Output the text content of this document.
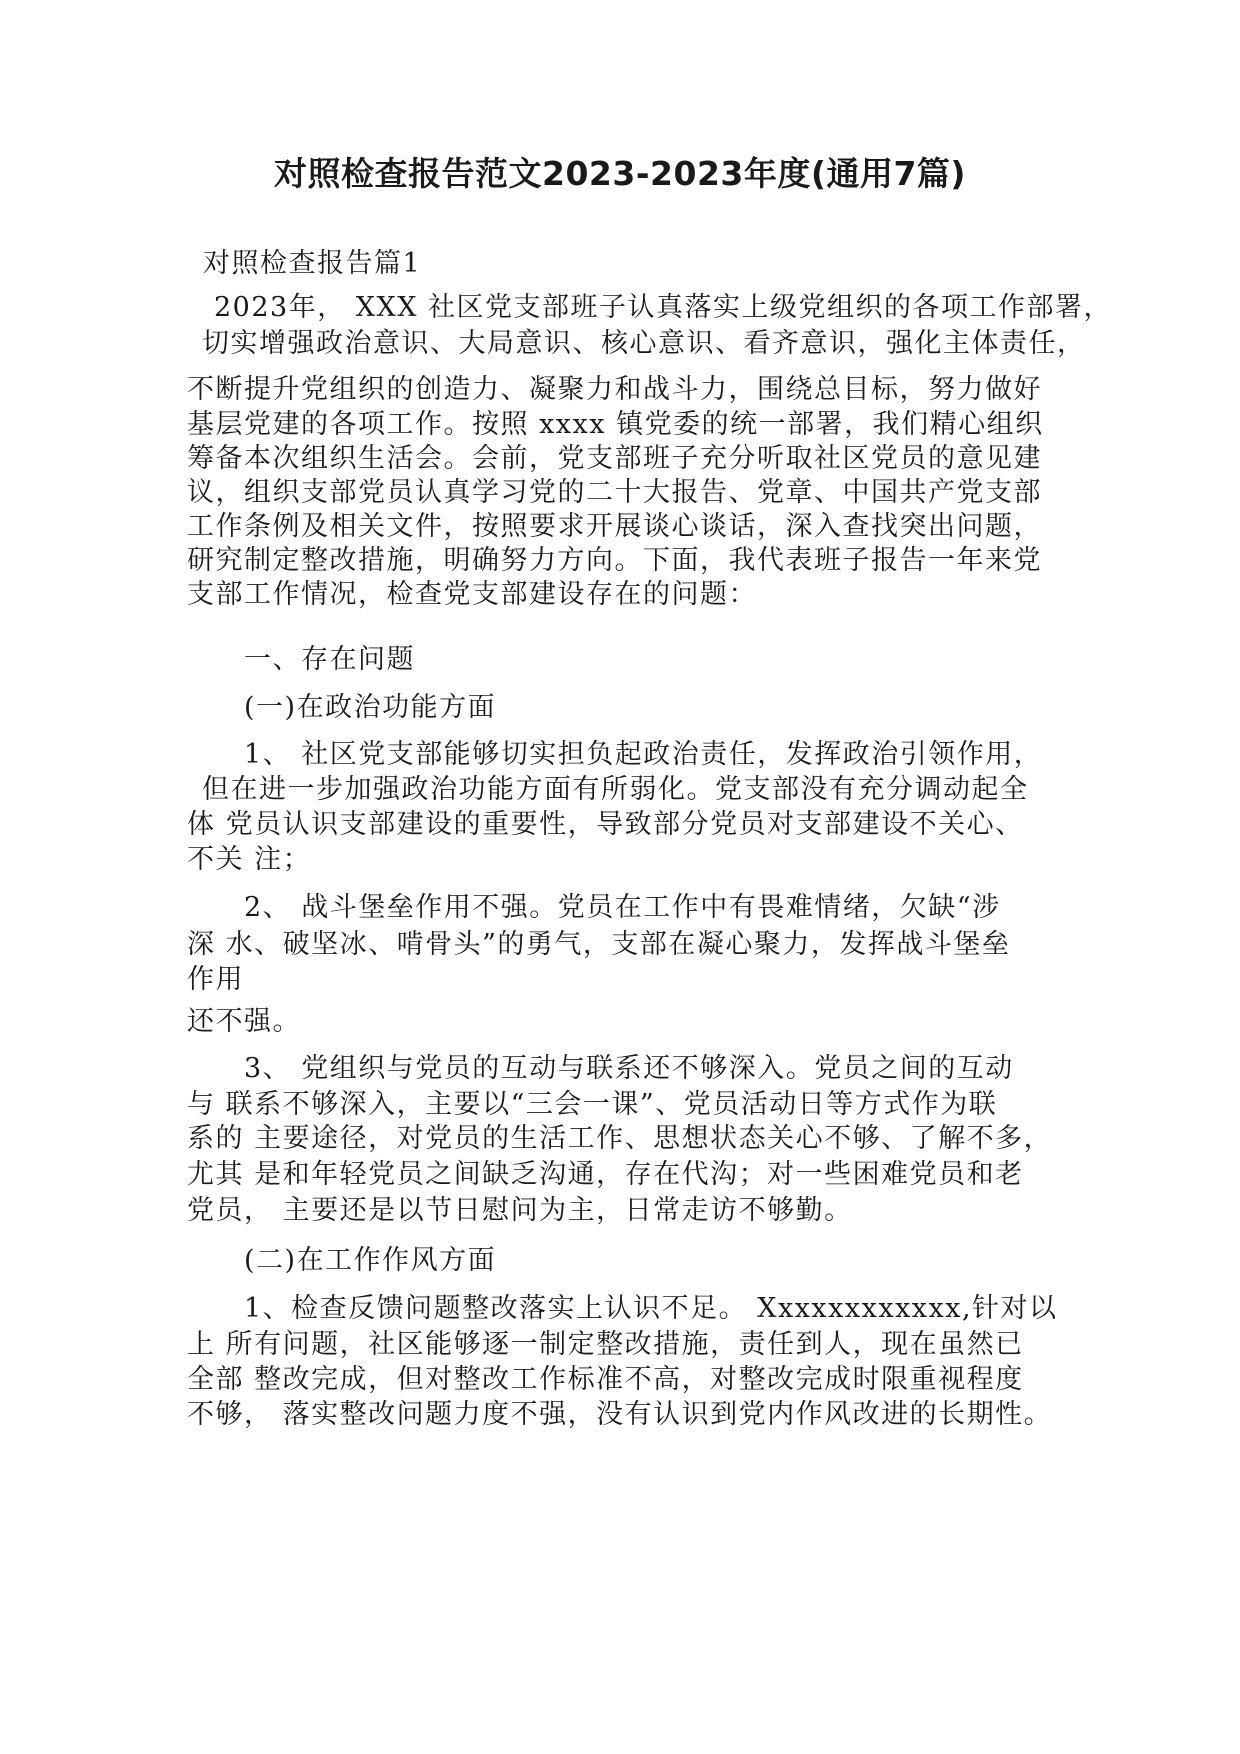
对照检查报告范文2023-2023年度(通用7篇)
对照检查报告篇1
2023年， XXX 社区党支部班子认真落实上级党组织的各项工作部署，
切实增强政治意识、大局意识、核心意识、看齐意识，强化主体责任，
不断提升党组织的创造力、凝聚力和战斗力，围绕总目标，努力做好
基层党建的各项工作。按照 xxxx 镇党委的统一部署，我们精心组织
筹备本次组织生活会。会前，党支部班子充分听取社区党员的意见建
议，组织支部党员认真学习党的二十大报告、党章、中国共产党支部
工作条例及相关文件，按照要求开展谈心谈话，深入查找突出问题，
研究制定整改措施，明确努力方向。下面，我代表班子报告一年来党
支部工作情况，检查党支部建设存在的问题：
一、存在问题
(一)在政治功能方面
1、 社区党支部能够切实担负起政治责任，发挥政治引领作用，
但在进一步加强政治功能方面有所弱化。党支部没有充分调动起全
体 党员认识支部建设的重要性，导致部分党员对支部建设不关心、
不关 注；
2、 战斗堡垒作用不强。党员在工作中有畏难情绪，欠缺“涉
深 水、破坚冰、啃骨头”的勇气，支部在凝心聚力，发挥战斗堡垒
作用
还不强。
3、 党组织与党员的互动与联系还不够深入。党员之间的互动
与 联系不够深入，主要以“三会一课”、党员活动日等方式作为联
系的 主要途径，对党员的生活工作、思想状态关心不够、了解不多，
尤其 是和年轻党员之间缺乏沟通，存在代沟；对一些困难党员和老
党员， 主要还是以节日慰问为主，日常走访不够勤。
(二)在工作作风方面
1、检查反馈问题整改落实上认识不足。 Xxxxxxxxxxxx,针对以
上 所有问题，社区能够逐一制定整改措施，责任到人，现在虽然已
全部 整改完成，但对整改工作标准不高，对整改完成时限重视程度
不够， 落实整改问题力度不强，没有认识到党内作风改进的长期性。
